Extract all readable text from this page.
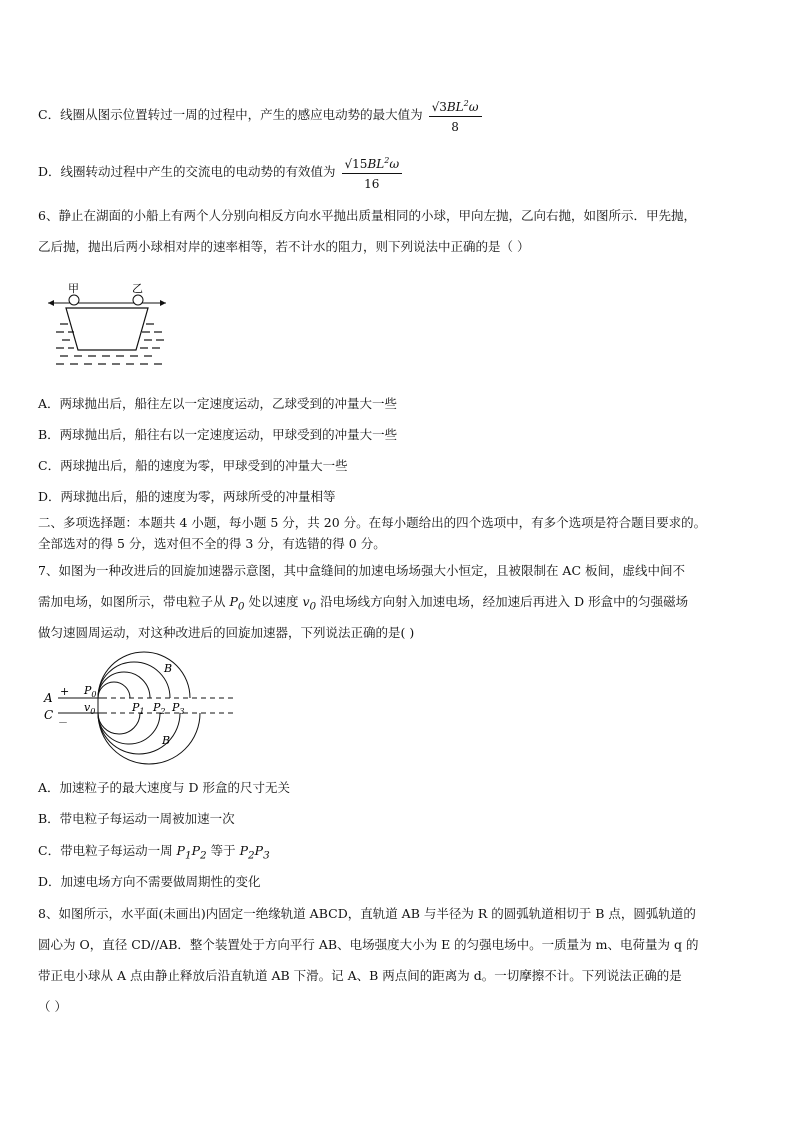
C．线圈从图示位置转过一周的过程中，产生的感应电动势的最大值为 $\frac{√3BL^2\omega}{8}$
D．线圈转动过程中产生的交流电的电动势的有效值为 $\frac{√15BL^2\omega}{16}$
6、静止在湖面的小船上有两个人分别向相反方向水平抛出质量相同的小球，甲向左抛，乙向右抛，如图所示．甲先抛，
乙后抛，抛出后两小球相对岸的速率相等，若不计水的阻力，则下列说法中正确的是（ ）
甲	乙
A．两球抛出后，船往左以一定速度运动，乙球受到的冲量大一些
B．两球抛出后，船往右以一定速度运动，甲球受到的冲量大一些
C．两球抛出后，船的速度为零，甲球受到的冲量大一些
D．两球抛出后，船的速度为零，两球所受的冲量相等
二、多项选择题：本题共 4 小题，每小题 5 分，共 20 分。在每小题给出的四个选项中，有多个选项是符合题目要求的。
全部选对的得 5 分，选对但不全的得 3 分，有选错的得 0 分。
7、如图为一种改进后的回旋加速器示意图，其中盒缝间的加速电场场强大小恒定，且被限制在 AC 板间，虚线中间不
需加电场，如图所示，带电粒子从 $P_0$ 处以速度 $v_0$ 沿电场线方向射入加速电场，经加速后再进入 D 形盒中的匀强磁场
做匀速圆周运动，对这种改进后的回旋加速器，下列说法正确的是( )
A
C
+
－
$P_0$
$v_0$	$P_1$ $P_2$ $P_3$
B
B
A．加速粒子的最大速度与 D 形盒的尺寸无关
B．带电粒子每运动一周被加速一次
C．带电粒子每运动一周 $P_1P_2$ 等于 $P_2P_3$
D．加速电场方向不需要做周期性的变化
8、如图所示，水平面(未画出)内固定一绝缘轨道 ABCD，直轨道 AB 与半径为 R 的圆弧轨道相切于 B 点，圆弧轨道的
圆心为 O，直径 CD//AB．整个装置处于方向平行 AB、电场强度大小为 E 的匀强电场中。一质量为 m、电荷量为 q 的
带正电小球从 A 点由静止释放后沿直轨道 AB 下滑。记 A、B 两点间的距离为 d。一切摩擦不计。下列说法正确的是
（ ）
